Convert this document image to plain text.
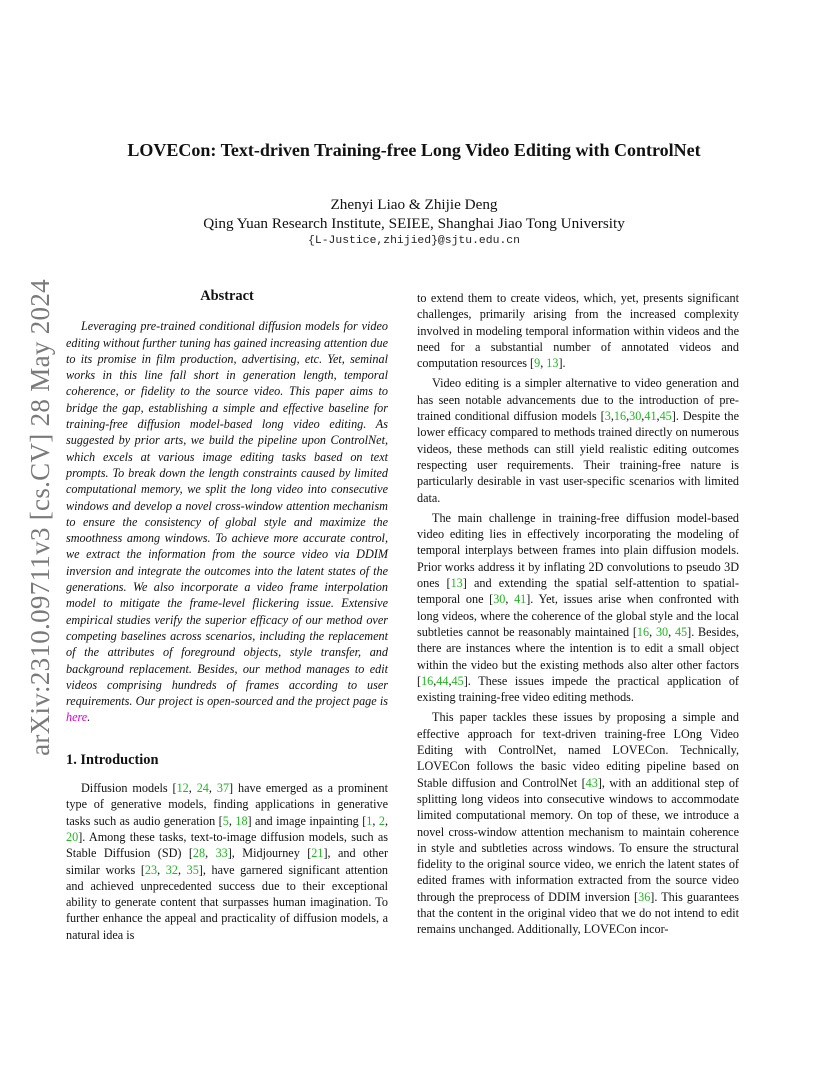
arXiv:2310.09711v3 [cs.CV] 28 May 2024
LOVECon: Text-driven Training-free Long Video Editing with ControlNet
Zhenyi Liao & Zhijie Deng
Qing Yuan Research Institute, SEIEE, Shanghai Jiao Tong University
{L-Justice,zhijied}@sjtu.edu.cn
Abstract

Leveraging pre-trained conditional diffusion models for video editing without further tuning has gained increasing attention due to its promise in film production, advertising, etc. Yet, seminal works in this line fall short in generation length, temporal coherence, or fidelity to the source video. This paper aims to bridge the gap, establishing a simple and effective baseline for training-free diffusion model-based long video editing. As suggested by prior arts, we build the pipeline upon ControlNet, which excels at various image editing tasks based on text prompts. To break down the length constraints caused by limited computational memory, we split the long video into consecutive windows and develop a novel cross-window attention mechanism to ensure the consistency of global style and maximize the smoothness among windows. To achieve more accurate control, we extract the information from the source video via DDIM inversion and integrate the outcomes into the latent states of the generations. We also incorporate a video frame interpolation model to mitigate the frame-level flickering issue. Extensive empirical studies verify the superior efficacy of our method over competing baselines across scenarios, including the replacement of the attributes of foreground objects, style transfer, and background replacement. Besides, our method manages to edit videos comprising hundreds of frames according to user requirements. Our project is open-sourced and the project page is here.

1. Introduction

Diffusion models [12, 24, 37] have emerged as a prominent type of generative models, finding applications in generative tasks such as audio generation [5, 18] and image inpainting [1, 2, 20]. Among these tasks, text-to-image diffusion models, such as Stable Diffusion (SD) [28, 33], Midjourney [21], and other similar works [23, 32, 35], have garnered significant attention and achieved unprecedented success due to their exceptional ability to generate content that surpasses human imagination. To further enhance the appeal and practicality of diffusion models, a natural idea is

to extend them to create videos, which, yet, presents significant challenges, primarily arising from the increased complexity involved in modeling temporal information within videos and the need for a substantial number of annotated videos and computation resources [9, 13].

Video editing is a simpler alternative to video generation and has seen notable advancements due to the introduction of pre-trained conditional diffusion models [3,16,30,41,45]. Despite the lower efficacy compared to methods trained directly on numerous videos, these methods can still yield realistic editing outcomes respecting user requirements. Their training-free nature is particularly desirable in vast user-specific scenarios with limited data.

The main challenge in training-free diffusion model-based video editing lies in effectively incorporating the modeling of temporal interplays between frames into plain diffusion models. Prior works address it by inflating 2D convolutions to pseudo 3D ones [13] and extending the spatial self-attention to spatial-temporal one [30, 41]. Yet, issues arise when confronted with long videos, where the coherence of the global style and the local subtleties cannot be reasonably maintained [16, 30, 45]. Besides, there are instances where the intention is to edit a small object within the video but the existing methods also alter other factors [16,44,45]. These issues impede the practical application of existing training-free video editing methods.

This paper tackles these issues by proposing a simple and effective approach for text-driven training-free LOng Video Editing with ControlNet, named LOVECon. Technically, LOVECon follows the basic video editing pipeline based on Stable diffusion and ControlNet [43], with an additional step of splitting long videos into consecutive windows to accommodate limited computational memory. On top of these, we introduce a novel cross-window attention mechanism to maintain coherence in style and subtleties across windows. To ensure the structural fidelity to the original source video, we enrich the latent states of edited frames with information extracted from the source video through the preprocess of DDIM inversion [36]. This guarantees that the content in the original video that we do not intend to edit remains unchanged. Additionally, LOVECon incor-
